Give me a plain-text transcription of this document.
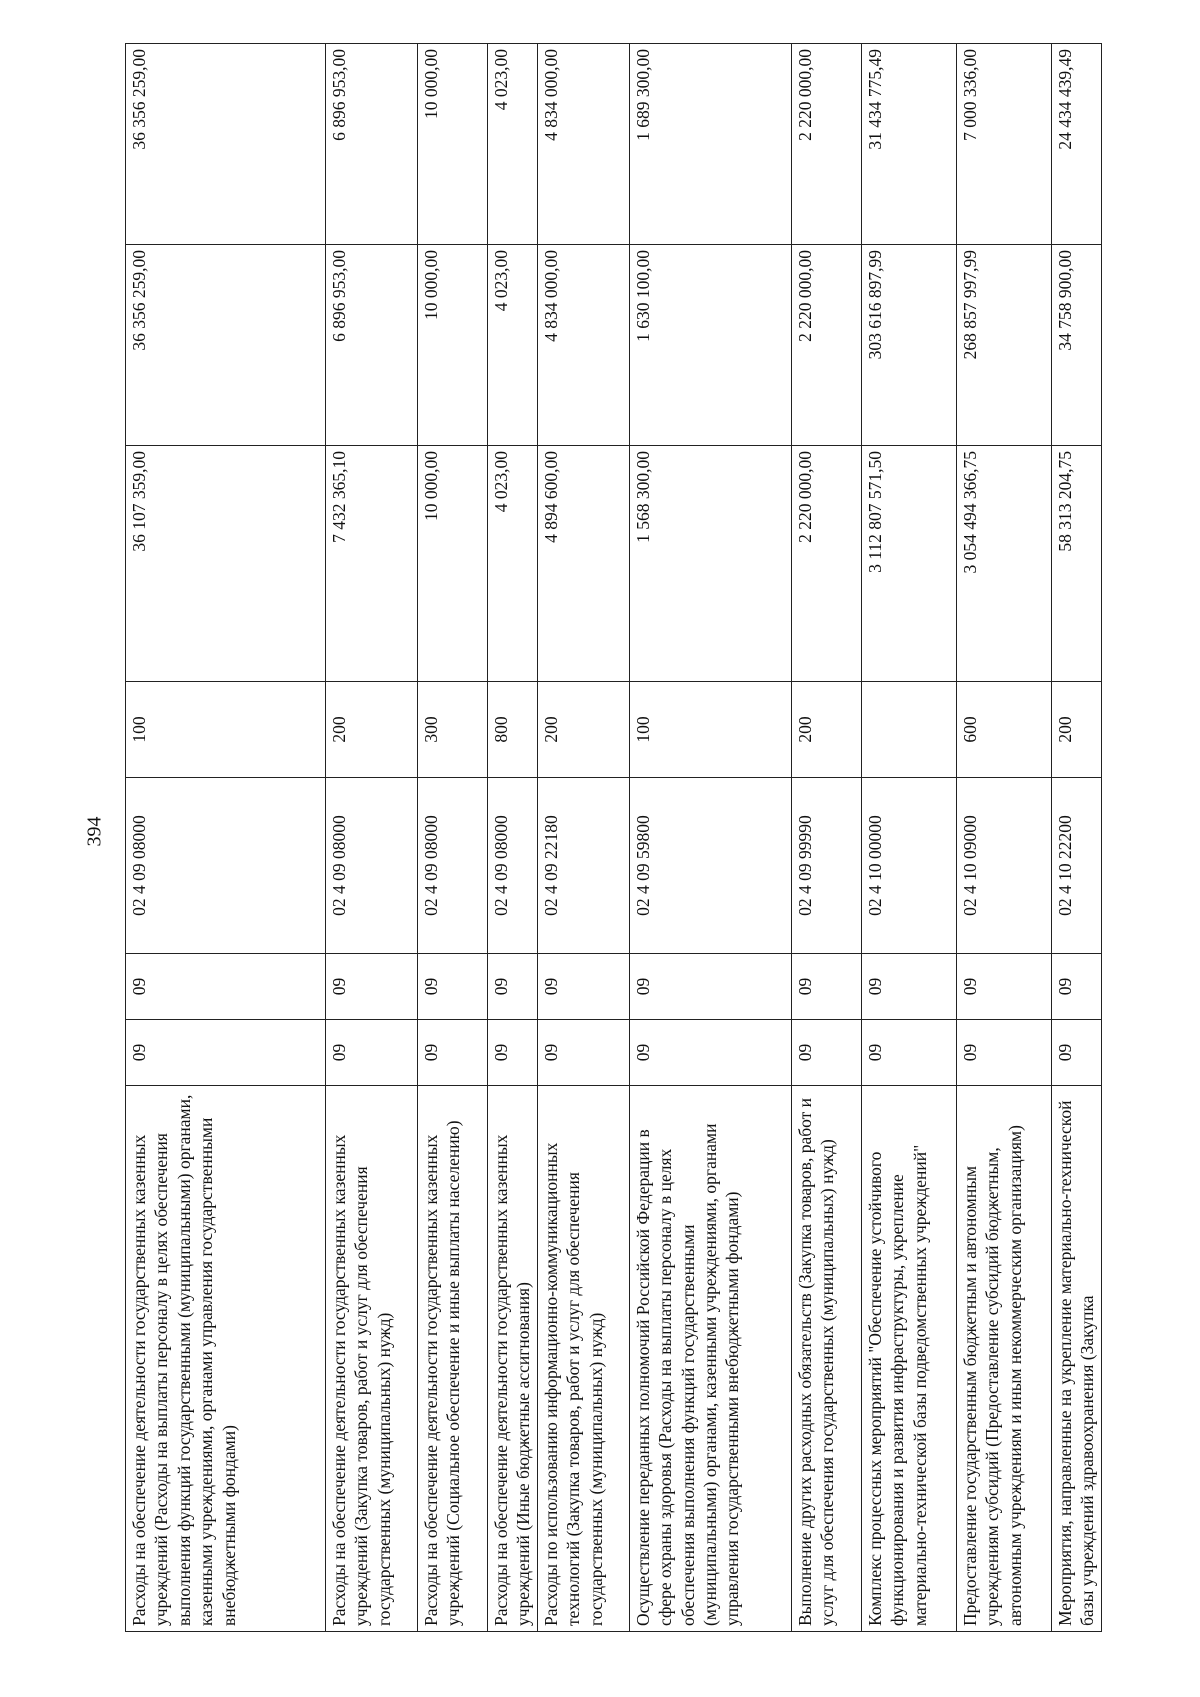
394
Расходы на обеспечение деятельности государственных казенных учреждений (Расходы на выплаты персоналу в целях обеспечения выполнения функций государственными (муниципальными) органами, казенными учреждениями, органами управления государственными внебюджетными фондами)	09	09	02 4 09 08000	100	36 107 359,00	36 356 259,00	36 356 259,00
Расходы на обеспечение деятельности государственных казенных учреждений (Закупка товаров, работ и услуг для обеспечения государственных (муниципальных) нужд)	09	09	02 4 09 08000	200	7 432 365,10	6 896 953,00	6 896 953,00
Расходы на обеспечение деятельности государственных казенных учреждений (Социальное обеспечение и иные выплаты населению)	09	09	02 4 09 08000	300	10 000,00	10 000,00	10 000,00
Расходы на обеспечение деятельности государственных казенных учреждений (Иные бюджетные ассигнования)	09	09	02 4 09 08000	800	4 023,00	4 023,00	4 023,00
Расходы по использованию информационно-коммуникационных технологий (Закупка товаров, работ и услуг для обеспечения государственных (муниципальных) нужд)	09	09	02 4 09 22180	200	4 894 600,00	4 834 000,00	4 834 000,00
Осуществление переданных полномочий Российской Федерации в сфере охраны здоровья (Расходы на выплаты персоналу в целях обеспечения выполнения функций государственными (муниципальными) органами, казенными учреждениями, органами управления государственными внебюджетными фондами)	09	09	02 4 09 59800	100	1 568 300,00	1 630 100,00	1 689 300,00
Выполнение других расходных обязательств (Закупка товаров, работ и услуг для обеспечения государственных (муниципальных) нужд)	09	09	02 4 09 99990	200	2 220 000,00	2 220 000,00	2 220 000,00
Комплекс процессных мероприятий "Обеспечение устойчивого функционирования и развития инфраструктуры, укрепление материально-технической базы подведомственных учреждений"	09	09	02 4 10 00000		3 112 807 571,50	303 616 897,99	31 434 775,49
Предоставление государственным бюджетным и автономным учреждениям субсидий (Предоставление субсидий бюджетным, автономным учреждениям и иным некоммерческим организациям)	09	09	02 4 10 09000	600	3 054 494 366,75	268 857 997,99	7 000 336,00
Мероприятия, направленные на укрепление материально-технической базы учреждений здравоохранения (Закупка	09	09	02 4 10 22200	200	58 313 204,75	34 758 900,00	24 434 439,49
